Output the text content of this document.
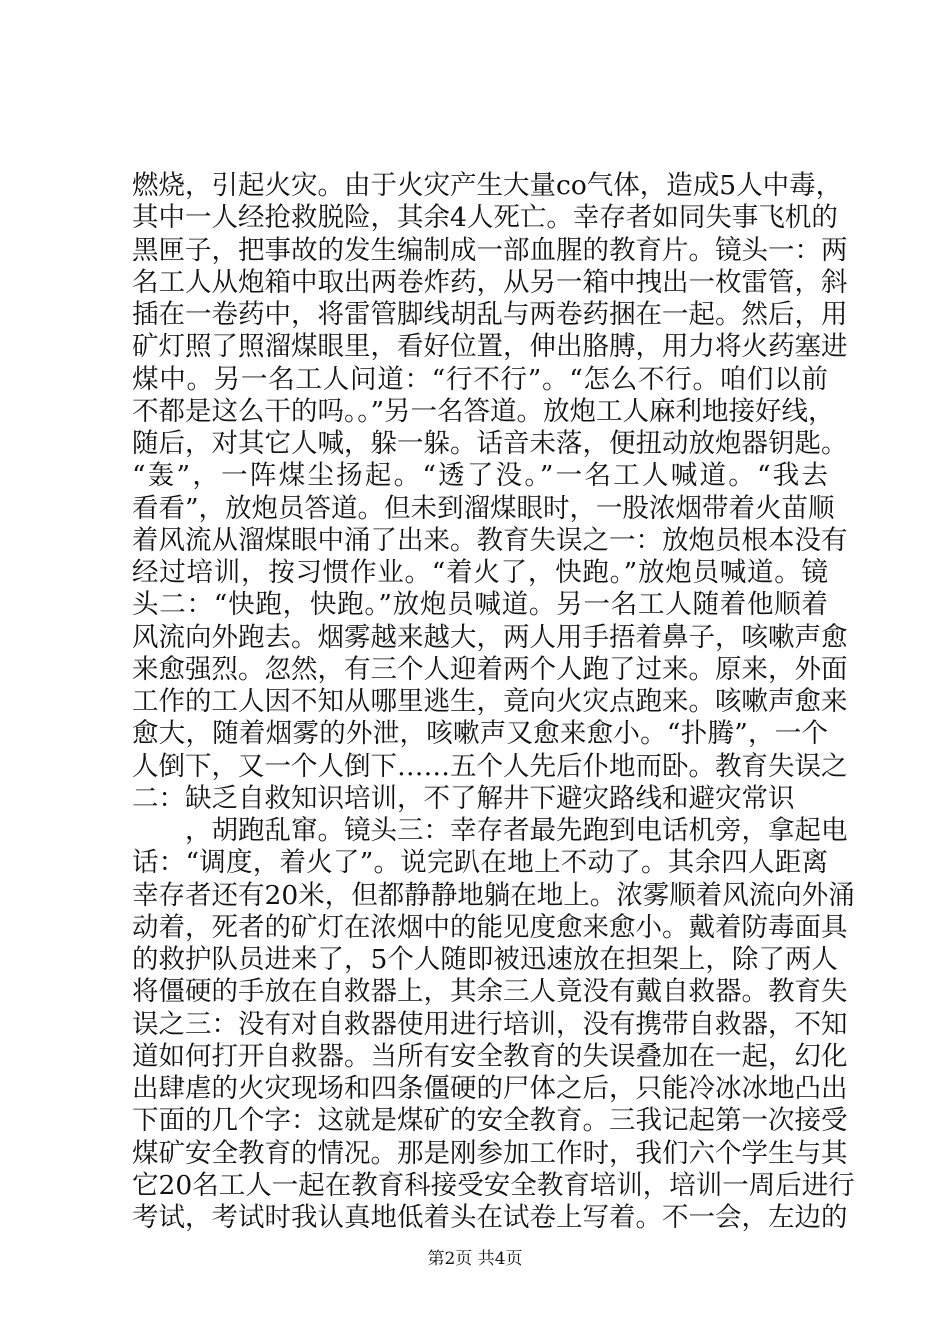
燃烧，引起火灾。由于火灾产生大量co气体，造成5人中毒，
其中一人经抢救脱险，其余4人死亡。幸存者如同失事飞机的
黑匣子，把事故的发生编制成一部血腥的教育片。镜头一：两
名工人从炮箱中取出两卷炸药，从另一箱中拽出一枚雷管，斜
插在一卷药中，将雷管脚线胡乱与两卷药捆在一起。然后，用
矿灯照了照溜煤眼里，看好位置，伸出胳膊，用力将火药塞进
煤中。另一名工人问道：“行不行”。“怎么不行。咱们以前
不都是这么干的吗。。”另一名答道。放炮工人麻利地接好线，
随后，对其它人喊，躲一躲。话音未落，便扭动放炮器钥匙。
“轰”，一阵煤尘扬起。“透了没。”一名工人喊道。“我去
看看”，放炮员答道。但未到溜煤眼时，一股浓烟带着火苗顺
着风流从溜煤眼中涌了出来。教育失误之一：放炮员根本没有
经过培训，按习惯作业。“着火了，快跑。”放炮员喊道。镜
头二：“快跑，快跑。”放炮员喊道。另一名工人随着他顺着
风流向外跑去。烟雾越来越大，两人用手捂着鼻子，咳嗽声愈
来愈强烈。忽然，有三个人迎着两个人跑了过来。原来，外面
工作的工人因不知从哪里逃生，竟向火灾点跑来。咳嗽声愈来
愈大，随着烟雾的外泄，咳嗽声又愈来愈小。“扑腾”，一个
人倒下，又一个人倒下……五个人先后仆地而卧。教育失误之
二：缺乏自救知识培训，不了解井下避灾路线和避灾常识
　　，胡跑乱窜。镜头三：幸存者最先跑到电话机旁，拿起电
话：“调度，着火了”。说完趴在地上不动了。其余四人距离
幸存者还有20米，但都静静地躺在地上。浓雾顺着风流向外涌
动着，死者的矿灯在浓烟中的能见度愈来愈小。戴着防毒面具
的救护队员进来了，5个人随即被迅速放在担架上，除了两人
将僵硬的手放在自救器上，其余三人竟没有戴自救器。教育失
误之三：没有对自救器使用进行培训，没有携带自救器，不知
道如何打开自救器。当所有安全教育的失误叠加在一起，幻化
出肆虐的火灾现场和四条僵硬的尸体之后，只能冷冰冰地凸出
下面的几个字：这就是煤矿的安全教育。三我记起第一次接受
煤矿安全教育的情况。那是刚参加工作时，我们六个学生与其
它20名工人一起在教育科接受安全教育培训，培训一周后进行
考试，考试时我认真地低着头在试卷上写着。不一会，左边的
第2页 共4页
